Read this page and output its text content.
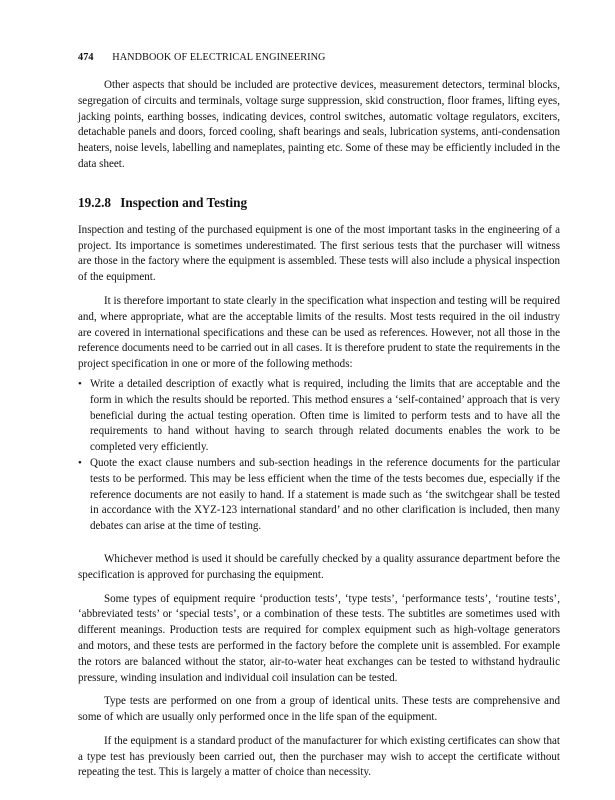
474 HANDBOOK OF ELECTRICAL ENGINEERING

Other aspects that should be included are protective devices, measurement detectors, terminal blocks, segregation of circuits and terminals, voltage surge suppression, skid construction, floor frames, lifting eyes, jacking points, earthing bosses, indicating devices, control switches, automatic voltage regulators, exciters, detachable panels and doors, forced cooling, shaft bearings and seals, lubrication systems, anti-condensation heaters, noise levels, labelling and nameplates, painting etc. Some of these may be efficiently included in the data sheet.

19.2.8 Inspection and Testing

Inspection and testing of the purchased equipment is one of the most important tasks in the engineering of a project. Its importance is sometimes underestimated. The first serious tests that the purchaser will witness are those in the factory where the equipment is assembled. These tests will also include a physical inspection of the equipment.

It is therefore important to state clearly in the specification what inspection and testing will be required and, where appropriate, what are the acceptable limits of the results. Most tests required in the oil industry are covered in international specifications and these can be used as references. However, not all those in the reference documents need to be carried out in all cases. It is therefore prudent to state the requirements in the project specification in one or more of the following methods:

• Write a detailed description of exactly what is required, including the limits that are acceptable and the form in which the results should be reported. This method ensures a ‘self-contained’ approach that is very beneficial during the actual testing operation. Often time is limited to perform tests and to have all the requirements to hand without having to search through related documents enables the work to be completed very efficiently.
• Quote the exact clause numbers and sub-section headings in the reference documents for the particular tests to be performed. This may be less efficient when the time of the tests becomes due, especially if the reference documents are not easily to hand. If a statement is made such as ‘the switchgear shall be tested in accordance with the XYZ-123 international standard’ and no other clarification is included, then many debates can arise at the time of testing.

Whichever method is used it should be carefully checked by a quality assurance department before the specification is approved for purchasing the equipment.

Some types of equipment require ‘production tests’, ‘type tests’, ‘performance tests’, ‘routine tests’, ‘abbreviated tests’ or ‘special tests’, or a combination of these tests. The subtitles are sometimes used with different meanings. Production tests are required for complex equipment such as high-voltage generators and motors, and these tests are performed in the factory before the complete unit is assembled. For example the rotors are balanced without the stator, air-to-water heat exchanges can be tested to withstand hydraulic pressure, winding insulation and individual coil insulation can be tested.

Type tests are performed on one from a group of identical units. These tests are comprehensive and some of which are usually only performed once in the life span of the equipment.

If the equipment is a standard product of the manufacturer for which existing certificates can show that a type test has previously been carried out, then the purchaser may wish to accept the certificate without repeating the test. This is largely a matter of choice than necessity.
